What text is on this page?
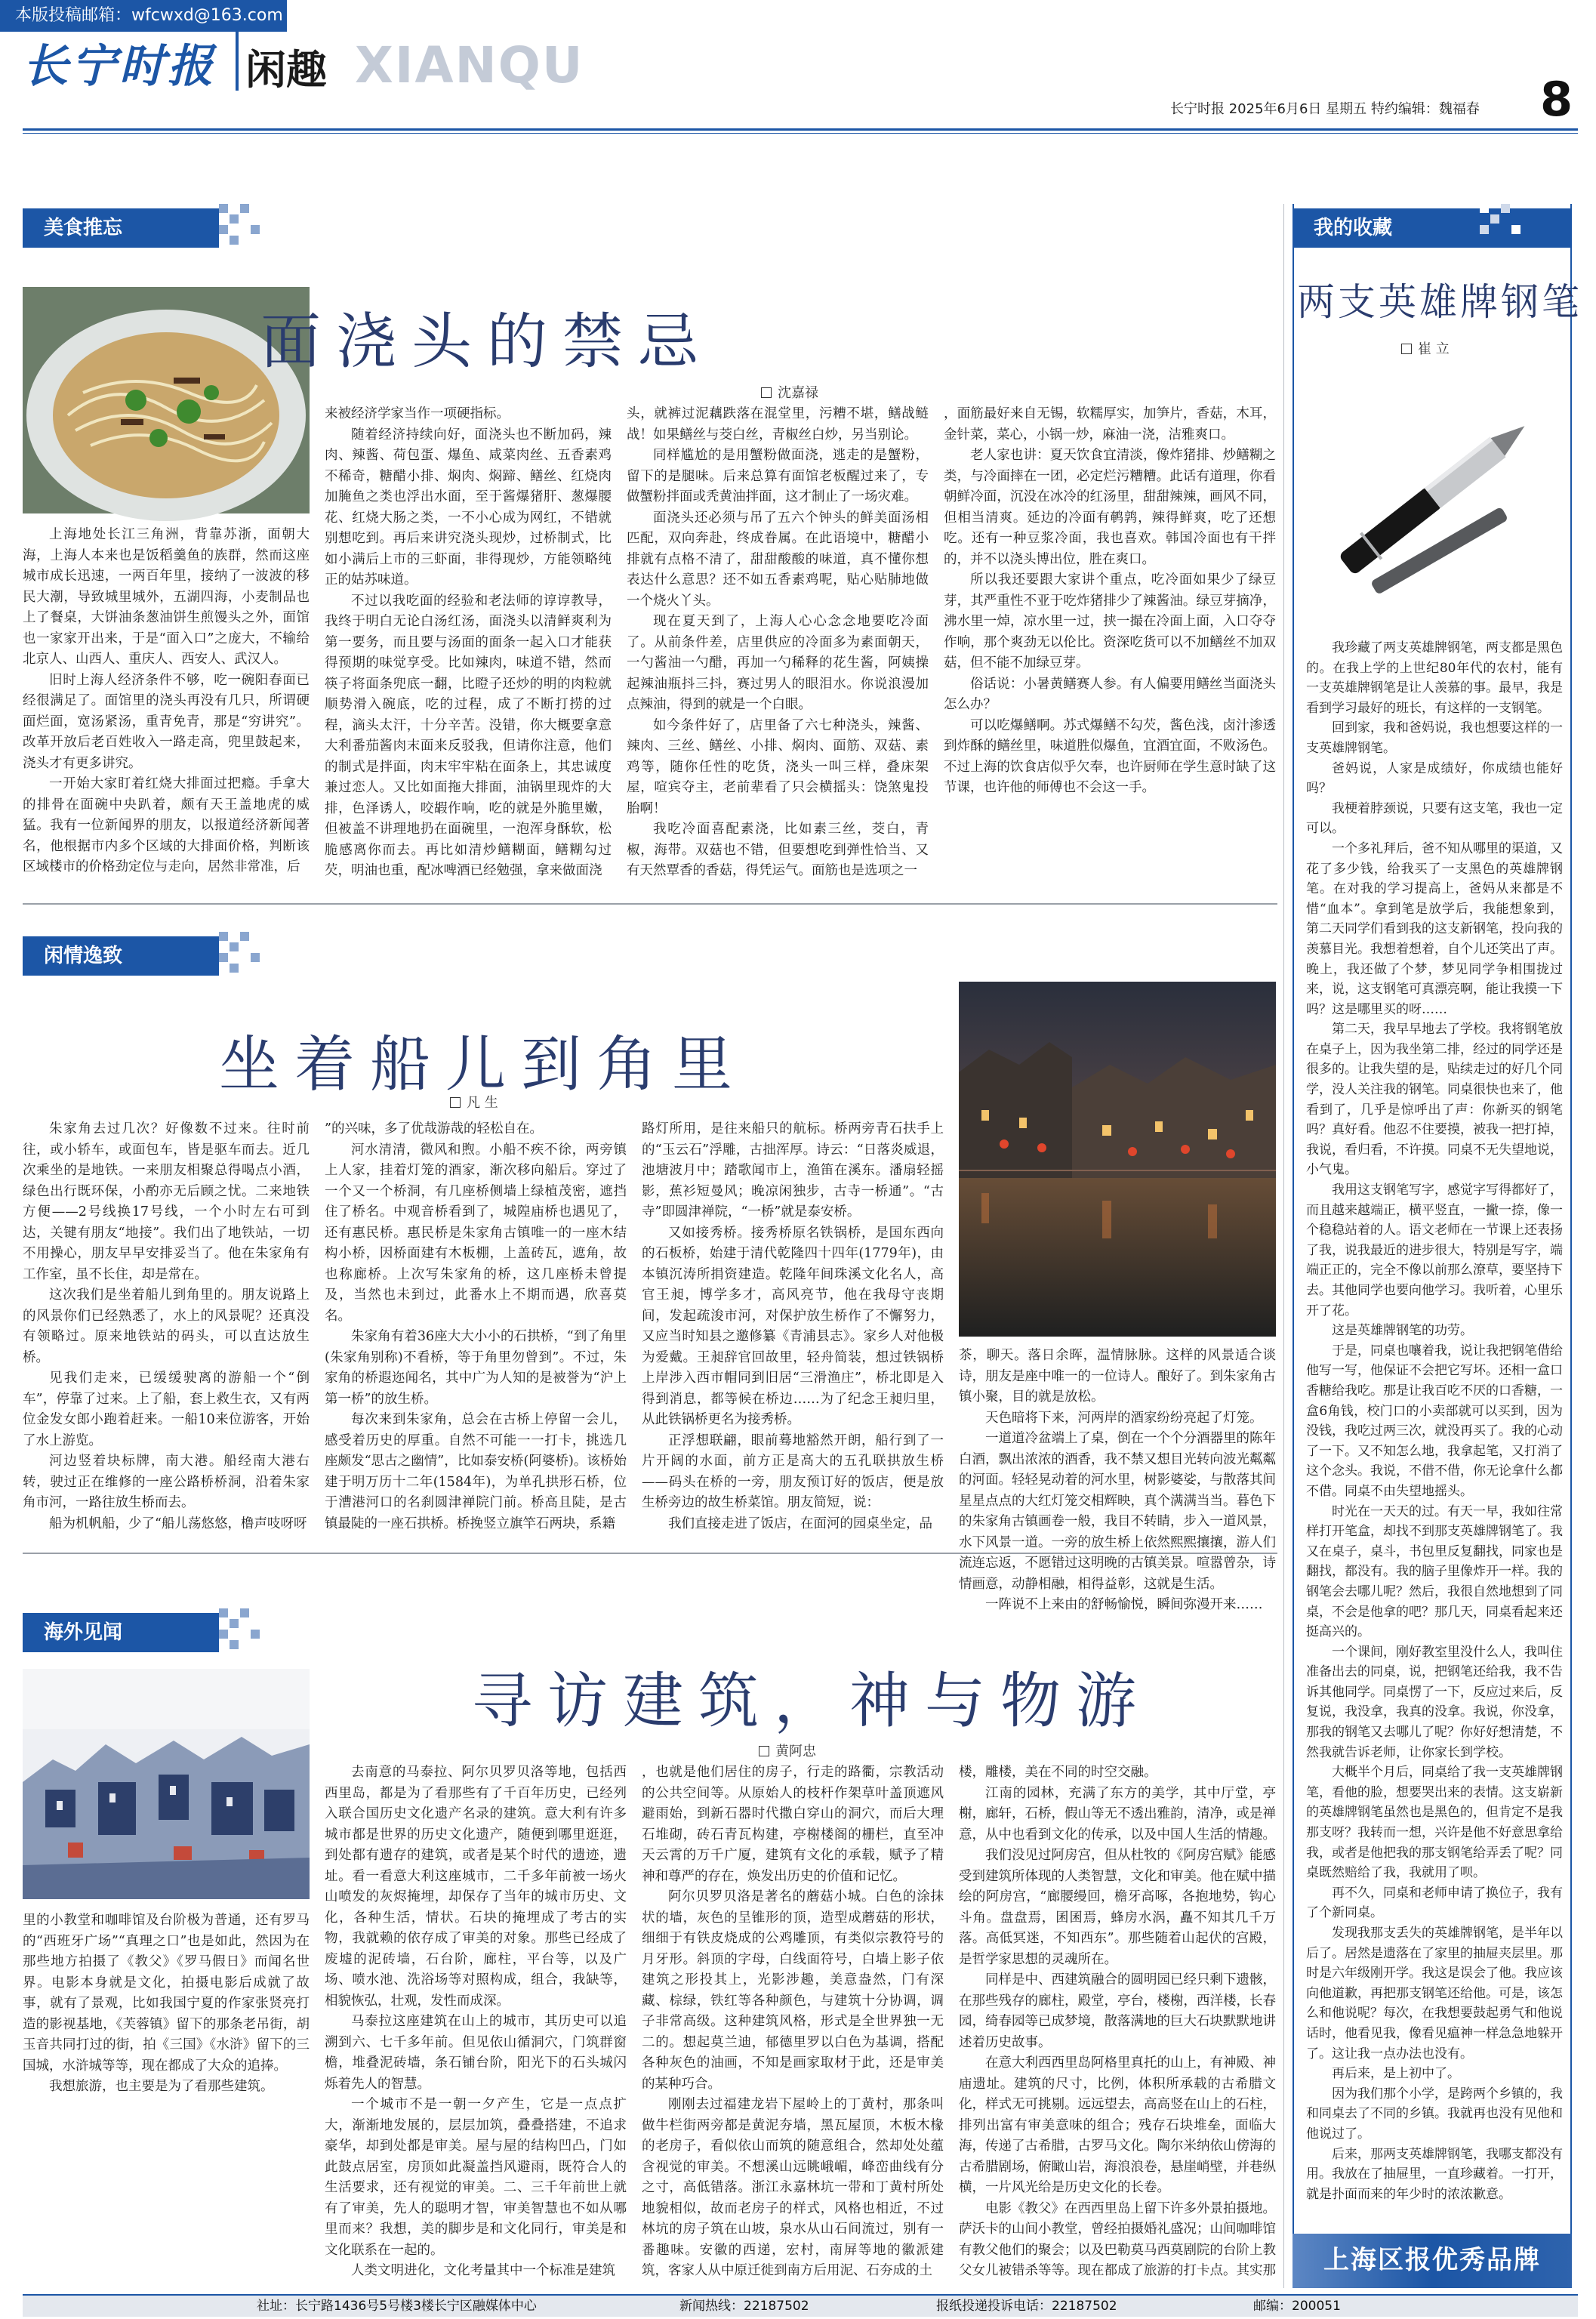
长宁时报 闲趣 XIANQU
长宁时报 2025年6月6日 星期五 特约编辑：魏福春 8
美食推忘
面浇头的禁忌
沈嘉禄

上海地处长江三角洲，背靠苏浙，面朝大海，上海人本来也是饭稻羹鱼的族群，然而这座城市成长迅速，一两百年里，接纳了一波波的移民大潮，导致城里城外，五湖四海，小麦制品也上了餐桌，大饼油条葱油饼生煎馒头之外，面馆也一家家开出来，于是“面入口”之庞大，不输给北京人、山西人、重庆人、西安人、武汉人。

旧时上海人经济条件不够，吃一碗阳春面已经很满足了。面馆里的浇头再没有几只，所谓硬面烂面，宽汤紧汤，重青免青，那是“穷讲究”。改革开放后老百姓收入一路走高，兜里鼓起来，浇头才有更多讲究。

一开始大家盯着红烧大排面过把瘾。手拿大的排骨在面碗中央趴着，颇有天王盖地虎的威猛。我有一位新闻界的朋友，以报道经济新闻著名，他根据市内多个区域的大排面价格，判断该区域楼市的价格劲定位与走向，居然非常准，后

来被经济学家当作一项硬指标。

随着经济持续向好，面浇头也不断加码，辣肉、辣酱、荷包蛋、爆鱼、咸菜肉丝、五香素鸡不稀奇，糖醋小排、焖肉、焖蹄、鳝丝、红烧肉加腌鱼之类也浮出水面，至于酱爆猪肝、葱爆腰花、红烧大肠之类，一不小心成为网红，不错就别想吃到。再后来讲究浇头现炒，过桥制式，比如小满后上市的三虾面，非得现炒，方能领略纯正的姑苏味道。

不过以我吃面的经验和老法师的谆谆教导，我终于明白无论白汤红汤，面浇头以清鲜爽利为第一要务，而且要与汤面的面条一起入口才能获得预期的味觉享受。比如辣肉，味道不错，然而筷子将面条兜底一翻，比瞪子还炒的明的肉粒就顺势滑入碗底，吃的过程，成了不断打捞的过程，滴头太汗，十分辛苦。没错，你大概要拿意大利番茄酱肉末面来反驳我，但请你注意，他们的制式是拌面，肉末牢牢粘在面条上，其忠诚度兼过恋人。又比如面拖大排面，油锅里现炸的大排，色泽诱人，咬嘏作响，吃的就是外脆里嫩，但被盖不讲理地扔在面碗里，一泡浑身酥软，松脆感离你而去。再比如清炒鳝糊面，鳝糊勾过芡，明油也重，配冰啤酒已经勉强，拿来做面浇

头，就裤过泥藕跌落在混堂里，污糟不堪，鳝战鲢战！如果鳝丝与茭白丝，青椒丝白炒，另当别论。

同样尴尬的是用蟹粉做面浇，逃走的是蟹粉，留下的是腿味。后来总算有面馆老板醒过来了，专做蟹粉拌面或秃黄油拌面，这才制止了一场灾难。

面浇头还必须与吊了五六个钟头的鲜美面汤相匹配，双向奔赴，终成眷属。在此语境中，糖醋小排就有点格不清了，甜甜酸酸的味道，真不懂你想表达什么意思？还不如五香素鸡呢，贴心贴肺地做一个烧火丫头。

现在夏天到了，上海人心心念念地要吃冷面了。从前条件差，店里供应的冷面多为素面朝天，一勺酱油一勺醋，再加一勺稀释的花生酱，阿姨操起辣油瓶抖三抖，赛过男人的眼泪水。你说浪漫加点辣油，得到的就是一个白眼。

如今条件好了，店里备了六七种浇头，辣酱、辣肉、三丝、鳝丝、小排、焖肉、面筋、双菇、素鸡等，随你任性的吃货，浇头一叫三样，叠床架屋，喧宾夺主，老前辈看了只会横摇头：饶煞鬼投胎啊！

我吃冷面喜配素浇，比如素三丝，茭白，青椒，海带。双菇也不错，但要想吃到弹性恰当、又有天然覃香的香菇，得凭运气。面筋也是选项之一

，面筋最好来自无锡，软糯厚实，加笋片，香菇，木耳，金针菜，菜心，小锅一炒，麻油一浇，洁雅爽口。

老人家也讲：夏天饮食宜清淡，像炸猪排、炒鳝糊之类，与冷面摔在一团，必定烂污糟糟。此话有道理，你看朝鲜冷面，沉没在冰冷的红汤里，甜甜辣辣，画风不同，但相当清爽。延边的冷面有鹌鹑，辣得鲜爽，吃了还想吃。还有一种豆浆冷面，我也喜欢。韩国冷面也有干拌的，并不以浇头博出位，胜在爽口。

所以我还要跟大家讲个重点，吃冷面如果少了绿豆芽，其严重性不亚于吃炸猪排少了辣酱油。绿豆芽摘净，沸水里一焯，凉水里一过，挟一撮在冷面上面，入口夺夺作响，那个爽劲无以伦比。资深吃货可以不加鳝丝不加双菇，但不能不加绿豆芽。

俗话说：小暑黄鳝赛人参。有人偏要用鳝丝当面浇头怎么办？

可以吃爆鳝啊。苏式爆鳝不勾芡，酱色浅，卤汁渗透到炸酥的鳝丝里，味道胜似爆鱼，宜酒宜面，不败汤色。不过上海的饮食店似乎欠奉，也许厨师在学生意时缺了这节课，也许他的师傅也不会这一手。

闲情逸致
坐着船儿到角里
凡 生

朱家角去过几次？好像数不过来。往时前往，或小轿车，或面包车，皆是驱车而去。近几次乘坐的是地铁。一来朋友相聚总得喝点小酒，绿色出行既环保，小酌亦无后顾之忧。二来地铁方便——2号线换17号线，一个小时左右可到达，关键有朋友“地接”。我们出了地铁站，一切不用操心，朋友早早安排妥当了。他在朱家角有工作室，虽不长住，却是常在。

这次我们是坐着船儿到角里的。朋友说路上的风景你们已经熟悉了，水上的风景呢？还真没有领略过。原来地铁站的码头，可以直达放生桥。

见我们走来，已缓缓驶离的游船一个“倒车”，停靠了过来。上了船，套上救生衣，又有两位金发女郎小跑着赶来。一船10来位游客，开始了水上游览。

河边竖着块标牌，南大港。船经南大港右转，驶过正在维修的一座公路桥桥洞，沿着朱家角市河，一路往放生桥而去。

船为机帆船，少了“船儿荡悠悠，橹声吱呀呀

”的兴味，多了优哉游哉的轻松自在。

河水清清，微风和煦。小船不疾不徐，两旁镇上人家，挂着灯笼的酒家，渐次移向船后。穿过了一个又一个桥洞，有几座桥侧墙上绿植茂密，遮挡住了桥名。中观音桥看到了，城隍庙桥也遇见了，还有惠民桥。惠民桥是朱家角古镇唯一的一座木结构小桥，因桥面建有木板棚，上盖砖瓦，遮角，故也称廊桥。上次写朱家角的桥，这几座桥未曾提及，当然也未到过，此番水上不期而遇，欣喜莫名。

朱家角有着36座大大小小的石拱桥，“到了角里(朱家角别称)不看桥，等于角里勿曾到”。不过，朱家角的桥遐迩闻名，其中广为人知的是被誉为“沪上第一桥”的放生桥。

每次来到朱家角，总会在古桥上停留一会儿，感受着历史的厚重。自然不可能一一打卡，挑选几座颇发“思古之幽情”，比如泰安桥(阿婆桥)。该桥始建于明万历十二年(1584年)，为单孔拱形石桥，位于漕港河口的名刹圆津禅院门前。桥高且陡，是古镇最陡的一座石拱桥。桥挽竖立旗竿石两块，系籍

路灯所用，是往来船只的航标。桥两旁青石扶手上的“玉云石”浮雕，古拙浑厚。诗云：“日落炎威退，池塘波月中；踏歌闻市上，渔笛在溪东。潘扇轻摇影，蕉衫短曼风；晚凉闲独步，古寺一桥通”。“古寺”即圆津禅院，“一桥”就是泰安桥。

又如接秀桥。接秀桥原名铁锅桥，是国东西向的石板桥，始建于清代乾隆四十四年(1779年)，由本镇沉涛所捐资建造。乾隆年间珠溪文化名人，高官王昶，博学多才，高风亮节，他在我母守丧期间，发起疏浚市河，对保护放生桥作了不懈努力，又应当时知县之邀修纂《青浦县志》。家乡人对他极为爱戴。王昶辞官回故里，轻舟简装，想过铁锅桥上岸涉入西市帽同到旧居“三滑渔庄”，桥北即是入得到消息，都等候在桥边……为了纪念王昶归里，从此铁锅桥更名为接秀桥。

正浮想联翩，眼前蓦地豁然开朗，船行到了一片开阔的水面，前方正是高大的五孔联拱放生桥——码头在桥的一旁，朋友预订好的饭店，便是放生桥旁边的故生桥菜馆。朋友简短，说：

我们直接走进了饭店，在面河的园桌坐定，品

茶，聊天。落日余晖，温情脉脉。这样的风景适合谈诗，朋友是座中唯一的一位诗人。酿好了。到朱家角古镇小聚，目的就是放松。

天色暗将下来，河两岸的酒家纷纷亮起了灯笼。

一道道冷盆端上了桌，倒在一个个分酒器里的陈年白酒，飘出浓浓的酒香，我不禁又想目光转向波光粼粼的河面。轻轻晃动着的河水里，树影婆娑，与散落其间星星点点的大红灯笼交相辉映，真个满满当当。暮色下的朱家角古镇画卷一般，我目不转睛，步入一道风景，水下风景一道。一旁的放生桥上依然熙熙攘攘，游人们流连忘返，不愿错过这明晚的古镇美景。喧嚣曾杂，诗情画意，动静相融，相得益彰，这就是生活。

一阵说不上来由的舒畅愉悦，瞬间弥漫开来……

海外见闻
寻访建筑，神与物游
黄阿忠

里的小教堂和咖啡馆及台阶极为普通，还有罗马的“西班牙广场”“真理之口”也是如此，然因为在那些地方拍摄了《教父》《罗马假日》而闻名世界。电影本身就是文化，拍摄电影后成就了故事，就有了景观，比如我国宁夏的作家张贤亮打造的影视基地，《芙蓉镇》留下的那条老吊街，胡玉音共同打过的街，拍《三国》《水浒》留下的三国城，水浒城等等，现在都成了大众的追捧。

我想旅游，也主要是为了看那些建筑。

去南意的马泰拉、阿尔贝罗贝洛等地，包括西西里岛，都是为了看那些有了千百年历史，已经列入联合国历史文化遗产名录的建筑。意大利有许多城市都是世界的历史文化遗产，随便到哪里逛逛，到处都有遗存的建筑，或者是某个时代的遗迹，遗址。看一看意大利这座城市，二千多年前被一场火山喷发的灰烬掩埋，却保存了当年的城市历史、文化，各种生活，情状。石块的掩埋成了考古的实物，我就赖的依存成了审美的对象。那些已经成了废墟的泥砖墙，石台阶，廊柱，平台等，以及广场、喷水池、洗浴场等对照构成，组合，我缺等，相貌恢弘，壮观，发性而成深。

马泰拉这座建筑在山上的城市，其历史可以追溯到六、七千多年前。但见依山循洞穴，门筑群窗檐，堆叠泥砖墙，条石铺台阶，阳光下的石头城闪烁着先人的智慧。

一个城市不是一朝一夕产生，它是一点点扩大，渐渐地发展的，层层加筑，叠叠搭建，不追求豪华，却到处都是审美。屋与屋的结构凹凸，门如此鼓点居室，房顶如此凝盖挡风避雨，既符合人的生活要求，还有视觉的审美。二、三千年前世上就有了审美，先人的聪明才智，审美智慧也不如从哪里而来？我想，美的脚步是和文化同行，审美是和文化联系在一起的。

人类文明进化，文化考量其中一个标准是建筑

，也就是他们居住的房子，行走的路衢，宗教活动的公共空间等。从原始人的枝杆作架草叶盖顶遮风避雨始，到新石器时代撒白穿山的洞穴，而后大理石堆砌，砖石青瓦构建，亭榭楼阁的栅栏，直至冲天云霄的万千广厦，建筑有文化的承载，赋予了精神和尊严的存在，焕发出历史的价值和记忆。

阿尔贝罗贝洛是著名的蘑菇小城。白色的涂抹状的墙，灰色的呈锥形的顶，造型成蘑菇的形状，细细于有铁皮烧成的公鸡雕顶，有类似宗教符号的月牙形。斜顶的字母，白线面符号，白墙上影子依建筑之形投其上，光影涉趣，美意盎然，门有深藏、棕绿，铁红等各种颜色，与建筑十分协调，调子非常高级。这种建筑风格，形式是全世界独一无二的。想起莫兰迪，郁德里罗以白色为基调，搭配各种灰色的油画，不知是画家取材于此，还是审美的某种巧合。

刚刚去过福建龙岩下屋岭上的丁黄村，那条叫做牛栏街两旁都是黄泥夯墙，黑瓦屋顶，木板木椽的老房子，看似依山而筑的随意组合，然却处处蕴含视觉的审美。不想溪山远眺峨嵋，峰峦曲线有分之寸，高低错落。浙江永嘉林坑一带和丁黄村所处地貌相似，故而老房子的样式，风格也相近，不过林坑的房子筑在山坡，泉水从山石间流过，别有一番趣味。安徽的西递，宏村，南屏等地的徽派建筑，客家人从中原迁徙到南方后用泥、石夯成的土

楼，雕楼，美在不同的时空交融。

江南的园林，充满了东方的美学，其中厅堂，亭榭，廊轩，石桥，假山等无不透出雅韵，清净，或是禅意，从中也看到文化的传承，以及中国人生活的情趣。

我们没见过阿房宫，但从杜牧的《阿房宫赋》能感受到建筑所体现的人类智慧，文化和审美。他在赋中描绘的阿房宫，“廊腰缦回，檐牙高啄，各抱地势，钩心斗角。盘盘焉，囷囷焉，蜂房水涡，矗不知其几千万落。高低冥迷，不知西东”。那些随着山起伏的宫殿，是哲学家思想的灵魂所在。

同样是中、西建筑融合的圆明园已经只剩下遗骸，在那些残存的廊柱，殿堂，亭台，楼榭，西洋楼，长春园，绮春园等已成梦境，散落满地的巨大石块默默地讲述着历史故事。

在意大利西西里岛阿格里真托的山上，有神殿、神庙遗址。建筑的尺寸，比例，体积所承载的古希腊文化，样式无可挑剔。远远望去，高高竖在山上的石柱，排列出富有审美意味的组合；残存石块堆垒，面临大海，传递了古希腊，古罗马文化。陶尔米纳依山傍海的古希腊剧场，俯瞰山岩，海浪浪卷，悬崖峭壁，并巷纵横，一片风光给是历史文化的长卷。

电影《教父》在西西里岛上留下许多外景拍摄地。萨沃卡的山间小教堂，曾经拍摄婚礼盛况；山间咖啡馆有教父他们的聚会；以及巴勒莫马西莫剧院的台阶上教父女儿被错杀等等。现在都成了旅游的打卡点。其实那

本版投稿邮箱：wfcwxd@163.com
我的收藏
两支英雄牌钢笔
崔 立

我珍藏了两支英雄牌钢笔，两支都是黑色的。在我上学的上世纪80年代的农村，能有一支英雄牌钢笔是让人羡慕的事。最早，我是看到学习最好的班长，有这样的一支钢笔。

回到家，我和爸妈说，我也想要这样的一支英雄牌钢笔。

爸妈说，人家是成绩好，你成绩也能好吗？

我梗着脖颈说，只要有这支笔，我也一定可以。

一个多礼拜后，爸不知从哪里的渠道，又花了多少钱，给我买了一支黑色的英雄牌钢笔。在对我的学习提高上，爸妈从来都是不惜“血本”。拿到笔是放学后，我能想象到，第二天同学们看到我的这支新钢笔，投向我的羡慕目光。我想着想着，自个儿还笑出了声。晚上，我还做了个梦，梦见同学争相围拢过来，说，这支钢笔可真漂亮啊，能让我摸一下吗？这是哪里买的呀……

第二天，我早早地去了学校。我将钢笔放在桌子上，因为我坐第二排，经过的同学还是很多的。让我失望的是，贴续走过的好几个同学，没人关注我的钢笔。同桌很快也来了，他看到了，几乎是惊呼出了声：你新买的钢笔吗？真好看。他忍不住要摸，被我一把打掉，我说，看归看，不许摸。同桌不无失望地说，小气鬼。

我用这支钢笔写字，感觉字写得都好了，而且越来越端正，横平竖直，一撇一捺，像一个稳稳站着的人。语文老师在一节课上还表扬了我，说我最近的进步很大，特别是写字，端端正正的，完全不像以前那么潦草，要坚持下去。其他同学也要向他学习。我听着，心里乐开了花。

这是英雄牌钢笔的功劳。

于是，同桌也嚷着我，说让我把钢笔借给他写一写，他保证不会把它写坏。还相一盒口香糖给我吃。那是让我百吃不厌的口香糖，一盒6角钱，校门口的小卖部就可以买到，因为没钱，我吃过两三次，就没再买了。我的心动了一下。又不知怎么地，我拿起笔，又打消了这个念头。我说，不借不借，你无论拿什么都不借。同桌不由失望地摇头。

时光在一天天的过。有天一早，我如往常样打开笔盒，却找不到那支英雄牌钢笔了。我又在桌子，桌斗，书包里反复翻找，同家也是翻找，都没有。我的脑子里像炸开一样。我的钢笔会去哪儿呢？然后，我很自然地想到了同桌，不会是他拿的吧？那几天，同桌看起来还挺高兴的。

一个课间，刚好教室里没什么人，我叫住准备出去的同桌，说，把钢笔还给我，我不告诉其他同学。同桌愣了一下，反应过来后，反复说，我没拿，我真的没拿。我说，你没拿，那我的钢笔又去哪儿了呢？你好好想清楚，不然我就告诉老师，让你家长到学校。

大概半个月后，同桌给了我一支英雄牌钢笔，看他的脸，想要哭出来的表情。这支崭新的英雄牌钢笔虽然也是黑色的，但肯定不是我那支呀？我转而一想，兴许是他不好意思拿给我，或者是他把我的那支钢笔给弄丢了呢？同桌既然赔给了我，我就用了呗。

再不久，同桌和老师申请了换位子，我有了个新同桌。

发现我那支丢失的英雄牌钢笔，是半年以后了。居然是遗落在了家里的抽屉夹层里。那时是六年级刚开学。我这是误会了他。我应该向他道歉，再把那支钢笔还给他。可是，该怎么和他说呢？每次，在我想要鼓起勇气和他说话时，他看见我，像看见瘟神一样急急地躲开了。这让我一点办法也没有。

再后来，是上初中了。

因为我们那个小学，是跨两个乡镇的，我和同桌去了不同的乡镇。我就再也没有见他和他说过了。

后来，那两支英雄牌钢笔，我哪支都没有用。我放在了抽屉里，一直珍藏着。一打开，就是扑面而来的年少时的浓浓歉意。

上海区报优秀品牌
社址：长宁路1436号5号楼3楼长宁区融媒体中心	新闻热线：22187502	报纸投递投诉电话：22187502	邮编：200051
